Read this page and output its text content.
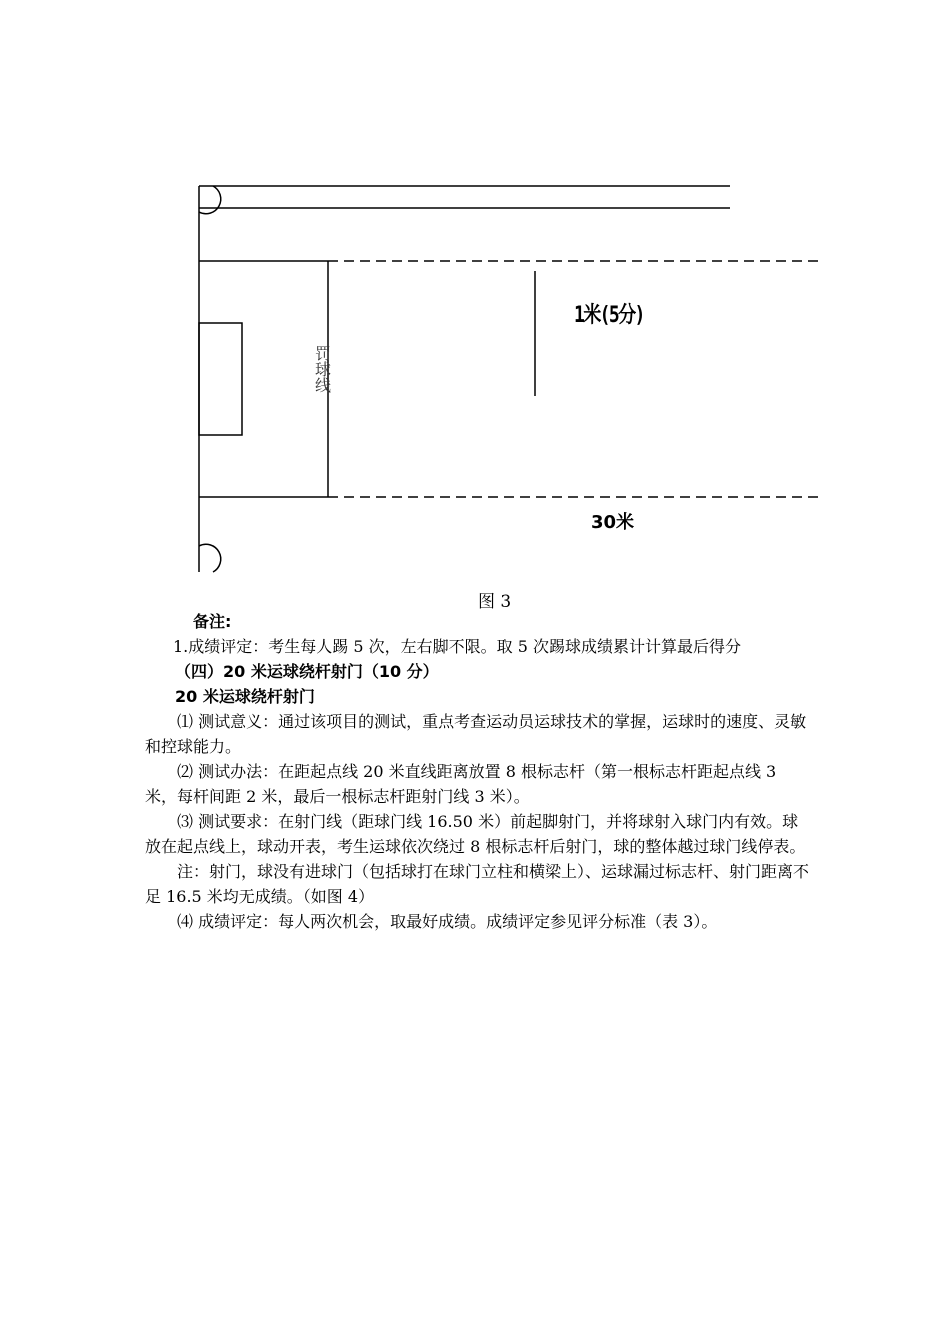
罚球线
1米(5分)
30米
图 3

备注:

1.成绩评定：考生每人踢 5 次，左右脚不限。取 5 次踢球成绩累计计算最后得分

（四）20 米运球绕杆射门（10 分）

20 米运球绕杆射门

⑴ 测试意义：通过该项目的测试，重点考查运动员运球技术的掌握，运球时的速度、灵敏和控球能力。

⑵ 测试办法：在距起点线 20 米直线距离放置 8 根标志杆（第一根标志杆距起点线 3 米，每杆间距 2 米，最后一根标志杆距射门线 3 米）。

⑶ 测试要求：在射门线（距球门线 16.50 米）前起脚射门，并将球射入球门内有效。球放在起点线上，球动开表，考生运球依次绕过 8 根标志杆后射门，球的整体越过球门线停表。

注：射门，球没有进球门（包括球打在球门立柱和横梁上）、运球漏过标志杆、射门距离不足 16.5 米均无成绩。（如图 4）

⑷ 成绩评定：每人两次机会，取最好成绩。成绩评定参见评分标准（表 3）。
